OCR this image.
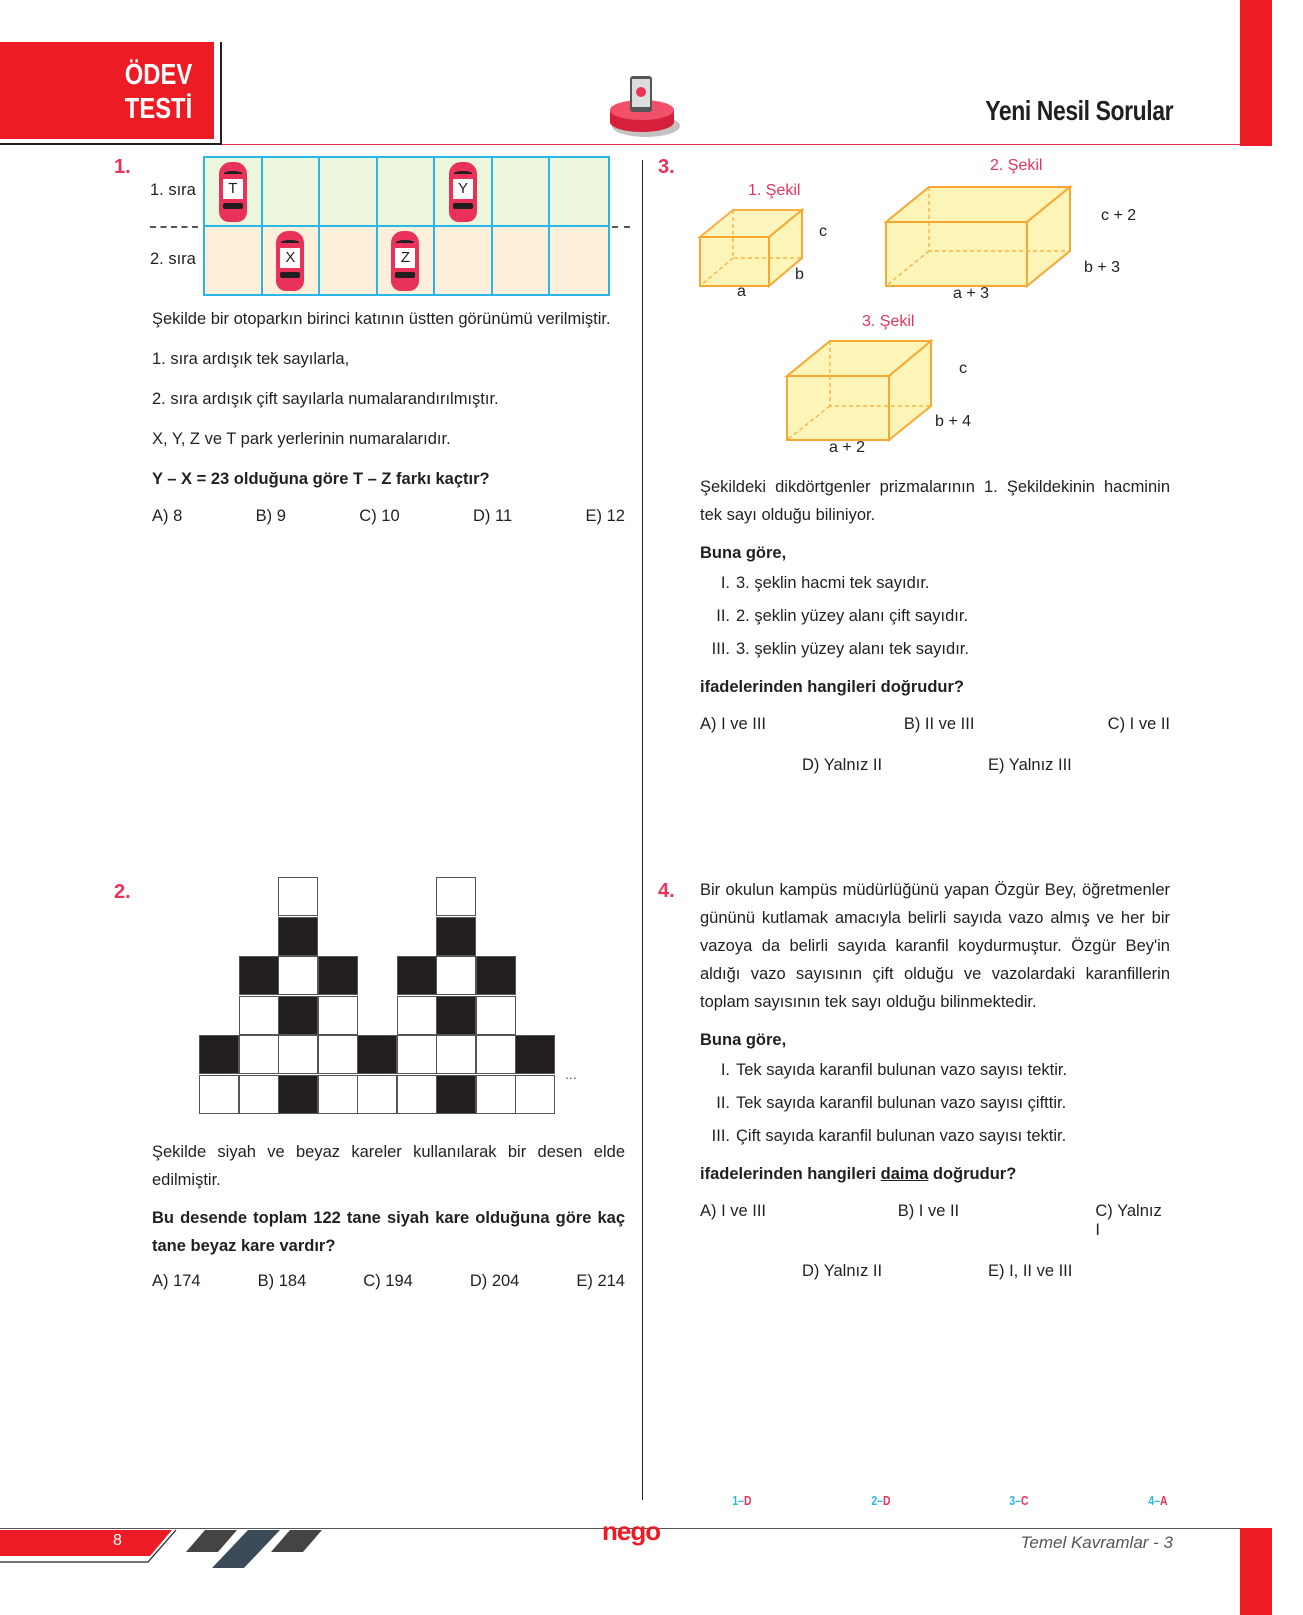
ÖDEV
TESTİ	Yeni Nesil Sorular
1.
1. sıra
2. sıra
T	Y
X	Z
Şekilde bir otoparkın birinci katının üstten görünümü verilmiştir.
1. sıra ardışık tek sayılarla,
2. sıra ardışık çift sayılarla numalarandırılmıştır.
X, Y, Z ve T park yerlerinin numaralarıdır.
Y – X = 23 olduğuna göre T – Z farkı kaçtır?
A) 8	B) 9	C) 10	D) 11	E) 12
2.
...
Şekilde siyah ve beyaz kareler kullanılarak bir desen elde edilmiştir.
Bu desende toplam 122 tane siyah kare olduğuna göre kaç tane beyaz kare vardır?
A) 174	B) 184	C) 194	D) 204	E) 214
3.
1. Şekil
a
b
c
2. Şekil
a + 3
b + 3
c + 2
3. Şekil
a + 2
b + 4
c
Şekildeki dikdörtgenler prizmalarının 1. Şekildekinin hacminin tek sayı olduğu biliniyor.
Buna göre,
I. 3. şeklin hacmi tek sayıdır.
II. 2. şeklin yüzey alanı çift sayıdır.
III. 3. şeklin yüzey alanı tek sayıdır.
ifadelerinden hangileri doğrudur?
A) I ve III	B) II ve III	C) I ve II
D) Yalnız II	E) Yalnız III
4. Bir okulun kampüs müdürlüğünü yapan Özgür Bey, öğretmenler gününü kutlamak amacıyla belirli sayıda vazo almış ve her bir vazoya da belirli sayıda karanfil koydurmuştur. Özgür Bey'in aldığı vazo sayısının çift olduğu ve vazolardaki karanfillerin toplam sayısının tek sayı olduğu bilinmektedir.
Buna göre,
I. Tek sayıda karanfil bulunan vazo sayısı tektir.
II. Tek sayıda karanfil bulunan vazo sayısı çifttir.
III. Çift sayıda karanfil bulunan vazo sayısı tektir.
ifadelerinden hangileri daima doğrudur?
A) I ve III	B) I ve II	C) Yalnız I
D) Yalnız II	E) I, II ve III
1–D	2–D	3–C	4–A
8	nego	Temel Kavramlar - 3
